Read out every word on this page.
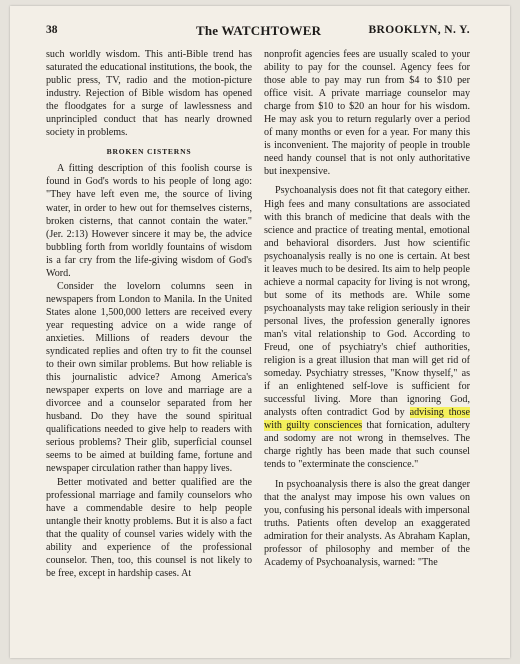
38	The WATCHTOWER	BROOKLYN, N. Y.

such worldly wisdom. This anti-Bible trend has saturated the educational institutions, the book, the public press, TV, radio and the motion-picture industry. Rejection of Bible wisdom has opened the floodgates for a surge of lawlessness and unprincipled conduct that has nearly drowned society in problems.

BROKEN CISTERNS

A fitting description of this foolish course is found in God's words to his people of long ago: "They have left even me, the source of living water, in order to hew out for themselves cisterns, broken cisterns, that cannot contain the water." (Jer. 2:13) However sincere it may be, the advice bubbling forth from worldly fountains of wisdom is a far cry from the life-giving wisdom of God's Word.

Consider the lovelorn columns seen in newspapers from London to Manila. In the United States alone 1,500,000 letters are received every year requesting advice on a wide range of anxieties. Millions of readers devour the syndicated replies and often try to fit the counsel to their own similar problems. But how reliable is this journalistic advice? Among America's newspaper experts on love and marriage are a divorcee and a counselor separated from her husband. Do they have the sound spiritual qualifications needed to give help to readers with serious problems? Their glib, superficial counsel seems to be aimed at building fame, fortune and newspaper circulation rather than happy lives.

Better motivated and better qualified are the professional marriage and family counselors who have a commendable desire to help people untangle their knotty problems. But it is also a fact that the quality of counsel varies widely with the ability and experience of the professional counselor. Then, too, this counsel is not likely to be free, except in hardship cases. At

nonprofit agencies fees are usually scaled to your ability to pay for the counsel. Agency fees for those able to pay may run from $4 to $10 per office visit. A private marriage counselor may charge from $10 to $20 an hour for his wisdom. He may ask you to return regularly over a period of many months or even for a year. For many this is inconvenient. The majority of people in trouble need handy counsel that is not only authoritative but inexpensive.

Psychoanalysis does not fit that category either. High fees and many consultations are associated with this branch of medicine that deals with the science and practice of treating mental, emotional and behavioral disorders. Just how scientific psychoanalysis really is no one is certain. At best it leaves much to be desired. Its aim to help people achieve a normal capacity for living is not wrong, but some of its methods are. While some psychoanalysts may take religion seriously in their personal lives, the profession generally ignores man's vital relationship to God. According to Freud, one of psychiatry's chief authorities, religion is a great illusion that man will get rid of someday. Psychiatry stresses, "Know thyself," as if an enlightened self-love is sufficient for successful living. More than ignoring God, analysts often contradict God by advising those with guilty consciences that fornication, adultery and sodomy are not wrong in themselves. The charge rightly has been made that such counsel tends to "exterminate the conscience."

In psychoanalysis there is also the great danger that the analyst may impose his own values on you, confusing his personal ideals with impersonal truths. Patients often develop an exaggerated admiration for their analysts. As Abraham Kaplan, professor of philosophy and member of the Academy of Psychoanalysis, warned: "The
